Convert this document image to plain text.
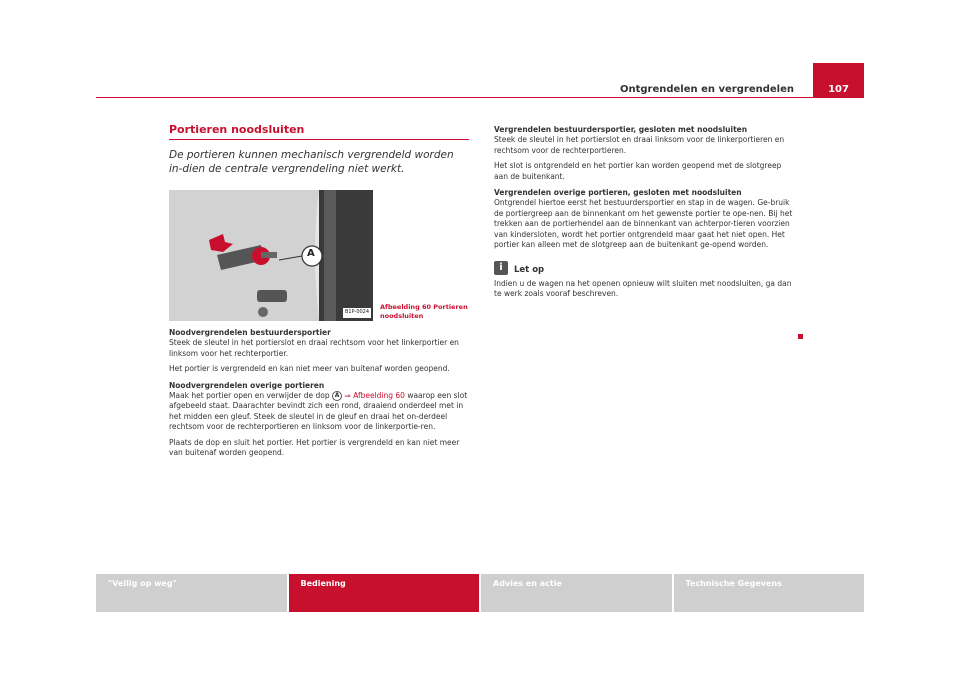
Ontgrendelen en vergrendelen	107
Portieren noodsluiten
De portieren kunnen mechanisch vergrendeld worden in-dien de centrale vergrendeling niet werkt.
A
B1P-0024
Afbeelding 60 Portieren
noodsluiten
Noodvergrendelen bestuurdersportier
Steek de sleutel in het portierslot en draai rechtsom voor het linkerportier en linksom voor het rechterportier.
Het portier is vergrendeld en kan niet meer van buitenaf worden geopend.
Noodvergrendelen overige portieren
Maak het portier open en verwijder de dop A ⇒ Afbeelding 60 waarop een slot afgebeeld staat. Daarachter bevindt zich een rond, draaiend onderdeel met in het midden een gleuf. Steek de sleutel in de gleuf en draai het on-derdeel rechtsom voor de rechterportieren en linksom voor de linkerportie-ren.
Plaats de dop en sluit het portier. Het portier is vergrendeld en kan niet meer van buitenaf worden geopend.
Vergrendelen bestuurdersportier, gesloten met noodsluiten
Steek de sleutel in het portierslot en draai linksom voor de linkerportieren en rechtsom voor de rechterportieren.
Het slot is ontgrendeld en het portier kan worden geopend met de slotgreep aan de buitenkant.
Vergrendelen overige portieren, gesloten met noodsluiten
Ontgrendel hiertoe eerst het bestuurdersportier en stap in de wagen. Ge-bruik de portiergreep aan de binnenkant om het gewenste portier te ope-nen. Bij het trekken aan de portierhendel aan de binnenkant van achterpor-tieren voorzien van kindersloten, wordt het portier ontgrendeld maar gaat het niet open. Het portier kan alleen met de slotgreep aan de buitenkant ge-opend worden.
i	Let op
Indien u de wagen na het openen opnieuw wilt sluiten met noodsluiten, ga dan te werk zoals vooraf beschreven.
"Veilig op weg"	Bediening	Advies en actie	Technische Gegevens
